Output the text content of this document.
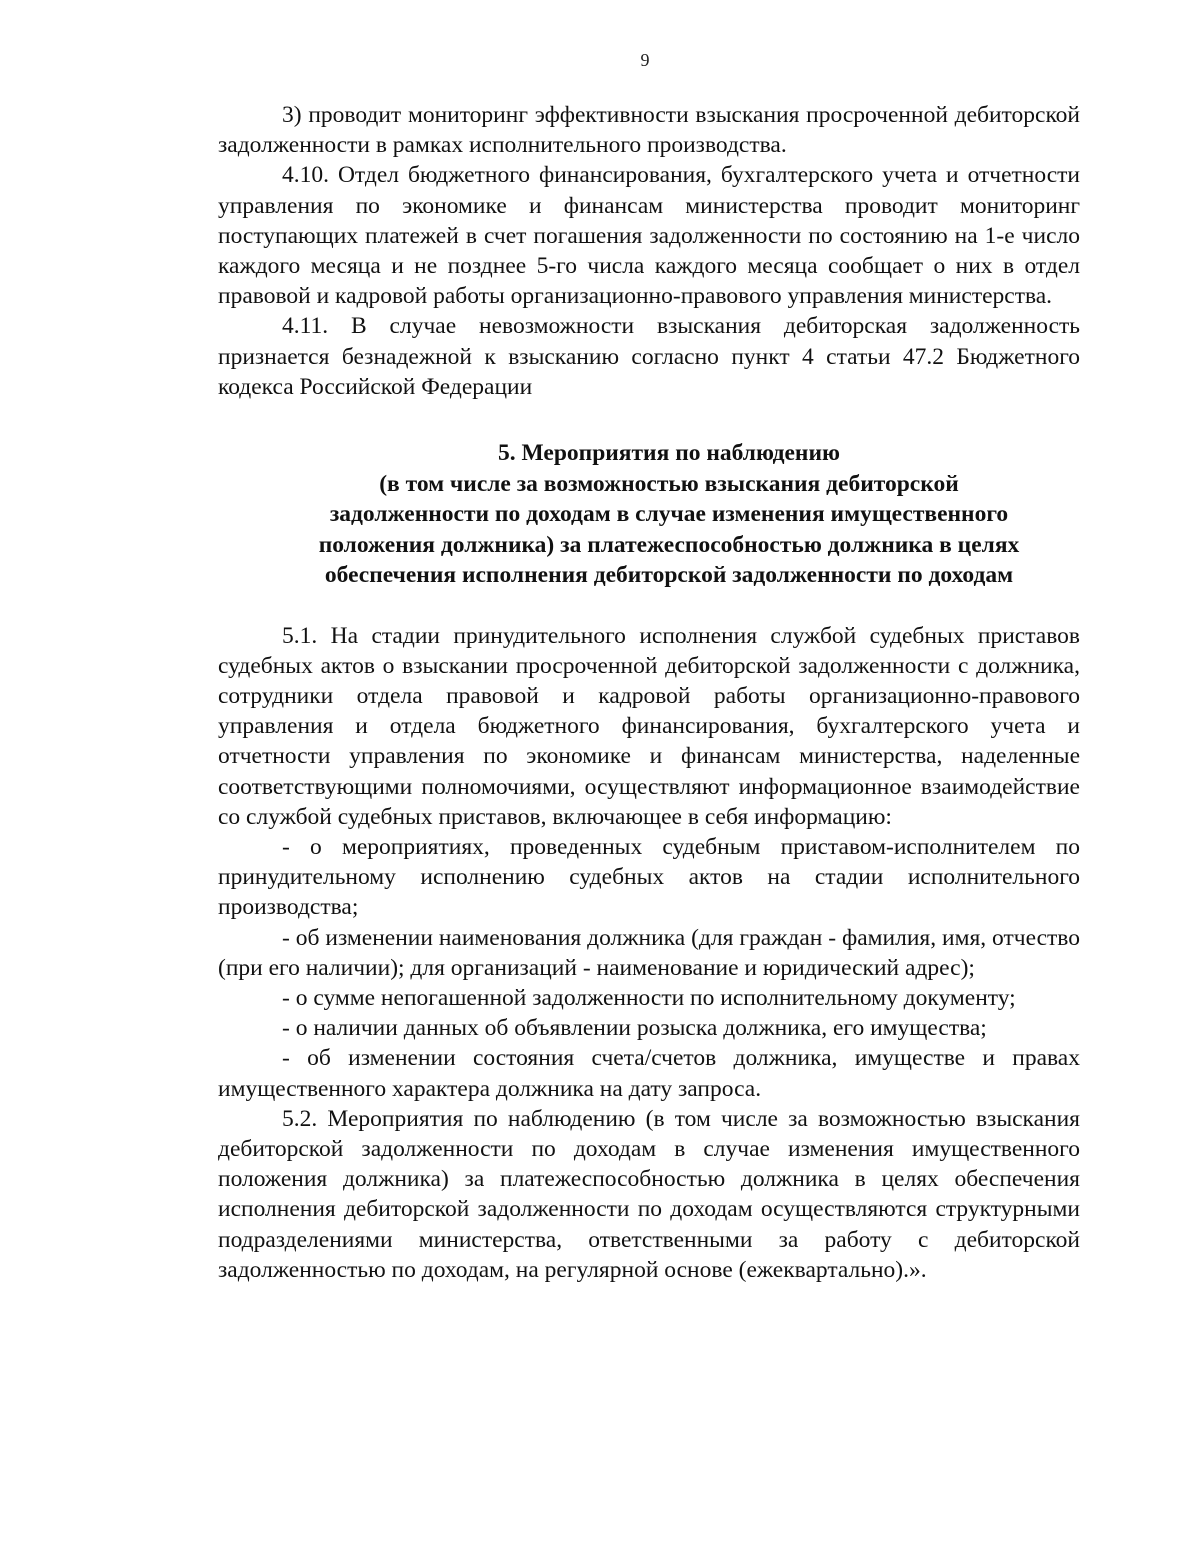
9

3) проводит мониторинг эффективности взыскания просроченной дебиторской задолженности в рамках исполнительного производства.

4.10. Отдел бюджетного финансирования, бухгалтерского учета и отчетности управления по экономике и финансам министерства проводит мониторинг поступающих платежей в счет погашения задолженности по состоянию на 1-е число каждого месяца и не позднее 5-го числа каждого месяца сообщает о них в отдел правовой и кадровой работы организационно-правового управления министерства.

4.11. В случае невозможности взыскания дебиторская задолженность признается безнадежной к взысканию согласно пункт 4 статьи 47.2 Бюджетного кодекса Российской Федерации

5. Мероприятия по наблюдению
(в том числе за возможностью взыскания дебиторской
задолженности по доходам в случае изменения имущественного
положения должника) за платежеспособностью должника в целях
обеспечения исполнения дебиторской задолженности по доходам

5.1. На стадии принудительного исполнения службой судебных приставов судебных актов о взыскании просроченной дебиторской задолженности с должника, сотрудники отдела правовой и кадровой работы организационно-правового управления и отдела бюджетного финансирования, бухгалтерского учета и отчетности управления по экономике и финансам министерства, наделенные соответствующими полномочиями, осуществляют информационное взаимодействие со службой судебных приставов, включающее в себя информацию:

- о мероприятиях, проведенных судебным приставом-исполнителем по принудительному исполнению судебных актов на стадии исполнительного производства;

- об изменении наименования должника (для граждан - фамилия, имя, отчество (при его наличии); для организаций - наименование и юридический адрес);

- о сумме непогашенной задолженности по исполнительному документу;

- о наличии данных об объявлении розыска должника, его имущества;

- об изменении состояния счета/счетов должника, имуществе и правах имущественного характера должника на дату запроса.

5.2. Мероприятия по наблюдению (в том числе за возможностью взыскания дебиторской задолженности по доходам в случае изменения имущественного положения должника) за платежеспособностью должника в целях обеспечения исполнения дебиторской задолженности по доходам осуществляются структурными подразделениями министерства, ответственными за работу с дебиторской задолженностью по доходам, на регулярной основе (ежеквартально).».
